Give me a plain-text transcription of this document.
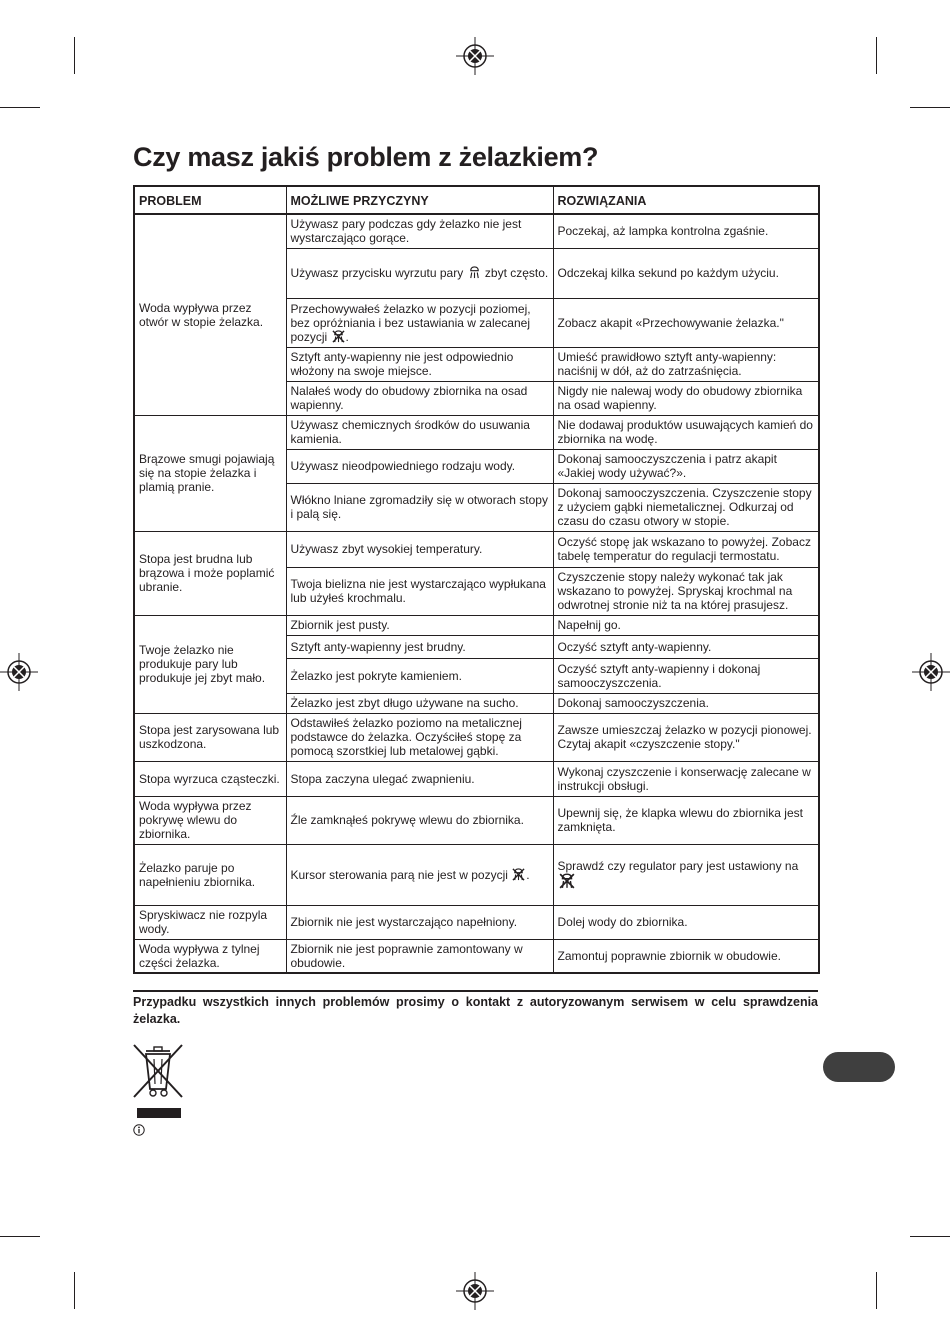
Czy masz jakiś problem z żelazkiem?
PROBLEM	MOŻLIWE PRZYCZYNY	ROZWIĄZANIA
Woda wypływa przez otwór w stopie żelazka.	Używasz pary podczas gdy żelazko nie jest wystarczająco gorące.	Poczekaj, aż lampka kontrolna zgaśnie.
	Używasz przycisku wyrzutu pary zbyt często.	Odczekaj kilka sekund po każdym użyciu.
	Przechowywałeś żelazko w pozycji poziomej, bez opróżniania i bez ustawiania w zalecanej pozycji .	Zobacz akapit «Przechowywanie żelazka."
	Sztyft anty-wapienny nie jest odpowiednio włożony na swoje miejsce.	Umieść prawidłowo sztyft anty-wapienny: naciśnij w dół, aż do zatrzaśnięcia.
	Nalałeś wody do obudowy zbiornika na osad wapienny.	Nigdy nie nalewaj wody do obudowy zbiornika na osad wapienny.
Brązowe smugi pojawiają się na stopie żelazka i plamią pranie.	Używasz chemicznych środków do usuwania kamienia.	Nie dodawaj produktów usuwających kamień do zbiornika na wodę.
	Używasz nieodpowiedniego rodzaju wody.	Dokonaj samooczyszczenia i patrz akapit «Jakiej wody używać?».
	Włókno lniane zgromadziły się w otworach stopy i palą się.	Dokonaj samooczyszczenia. Czyszczenie stopy z użyciem gąbki niemetalicznej. Odkurzaj od czasu do czasu otwory w stopie.
Stopa jest brudna lub brązowa i może poplamić ubranie.	Używasz zbyt wysokiej temperatury.	Oczyść stopę jak wskazano to powyżej. Zobacz tabelę temperatur do regulacji termostatu.
	Twoja bielizna nie jest wystarczająco wypłukana lub użyłeś krochmalu.	Czyszczenie stopy należy wykonać tak jak wskazano to powyżej. Spryskaj krochmal na odwrotnej stronie niż ta na której prasujesz.
Twoje żelazko nie produkuje pary lub produkuje jej zbyt mało.	Zbiornik jest pusty.	Napełnij go.
	Sztyft anty-wapienny jest brudny.	Oczyść sztyft anty-wapienny.
	Żelazko jest pokryte kamieniem.	Oczyść sztyft anty-wapienny i dokonaj samooczyszczenia.
	Żelazko jest zbyt długo używane na sucho.	Dokonaj samooczyszczenia.
Stopa jest zarysowana lub uszkodzona.	Odstawiłeś żelazko poziomo na metalicznej podstawce do żelazka. Oczyściłeś stopę za pomocą szorstkiej lub metalowej gąbki.	Zawsze umieszczaj żelazko w pozycji pionowej. Czytaj akapit «czyszczenie stopy."
Stopa wyrzuca cząsteczki.	Stopa zaczyna ulegać zwapnieniu.	Wykonaj czyszczenie i konserwację zalecane w instrukcji obsługi.
Woda wypływa przez pokrywę wlewu do zbiornika.	Źle zamknąłeś pokrywę wlewu do zbiornika.	Upewnij się, że klapka wlewu do zbiornika jest zamknięta.
Żelazko paruje po napełnieniu zbiornika.	Kursor sterowania parą nie jest w pozycji .	Sprawdź czy regulator pary jest ustawiony na
Spryskiwacz nie rozpyla wody.	Zbiornik nie jest wystarczająco napełniony.	Dolej wody do zbiornika.
Woda wypływa z tylnej części żelazka.	Zbiornik nie jest poprawnie zamontowany w obudowie.	Zamontuj poprawnie zbiornik w obudowie.

Przypadku wszystkich innych problemów prosimy o kontakt z autoryzowanym serwisem w celu sprawdzenia żelazka.
